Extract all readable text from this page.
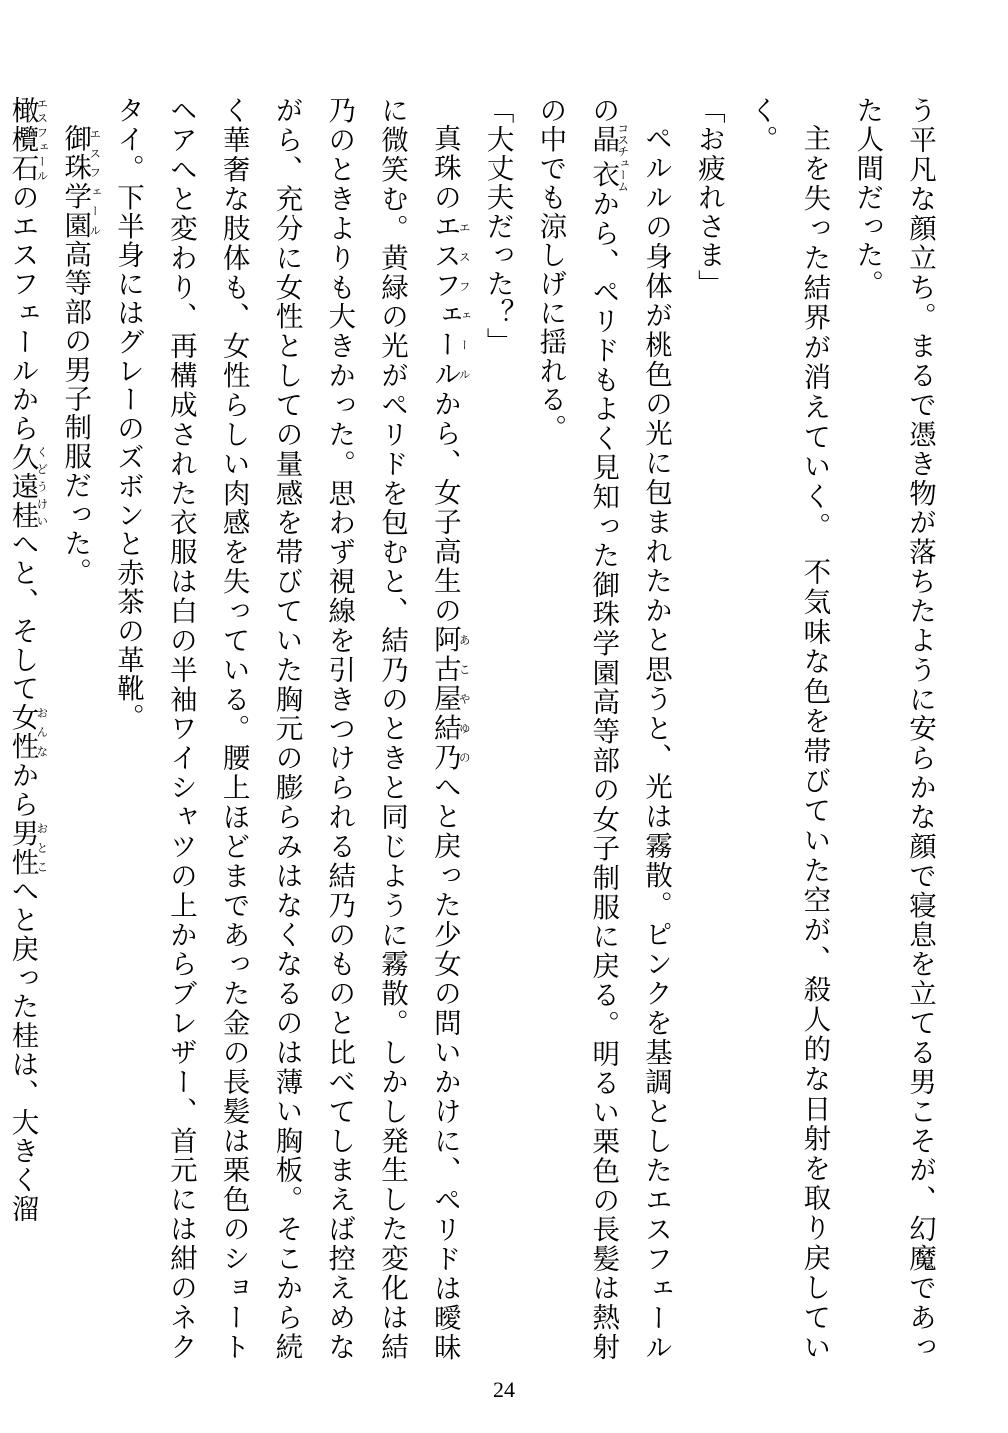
う平凡な顔立ち。まるで憑き物が落ちたように安らかな顔で寝息を立てる男こそが、幻魔であった人間だった。

主を失った結界が消えていく。　不気味な色を帯びていた空が、殺人的な日射を取り戻していく。

「お疲れさま」

ペルルの身体が桃色の光に包まれたかと思うと、光は霧散。ピンクを基調としたエスフェールの晶衣コスチュームから、ペリドもよく見知った御珠学園高等部の女子制服に戻る。明るい栗色の長髪は熱射の中でも涼しげに揺れる。

「大丈夫だった？」

真珠のエスフェールエスフェールから、女子高生の阿古屋結乃あこやゆのへと戻った少女の問いかけに、ペリドは曖昧に微笑む。黄緑の光がペリドを包むと、結乃のときと同じように霧散。しかし発生した変化は結乃のときよりも大きかった。思わず視線を引きつけられる結乃のものと比べてしまえば控えめながら、充分に女性としての量感を帯びていた胸元の膨らみはなくなるのは薄い胸板。そこから続く華奢な肢体も、女性らしい肉感を失っている。腰上ほどまであった金の長髪は栗色のショートヘアへと変わり、再構成された衣服は白の半袖ワイシャツの上からブレザー、首元には紺のネクタイ。下半身にはグレーのズボンと赤茶の革靴。

御珠学園エスフェール高等部の男子制服だった。

橄欖石エスフェールのエスフェールから久遠桂くどうけいへと、そして女性おんなから男性おとこへと戻った桂は、大きく溜

24
